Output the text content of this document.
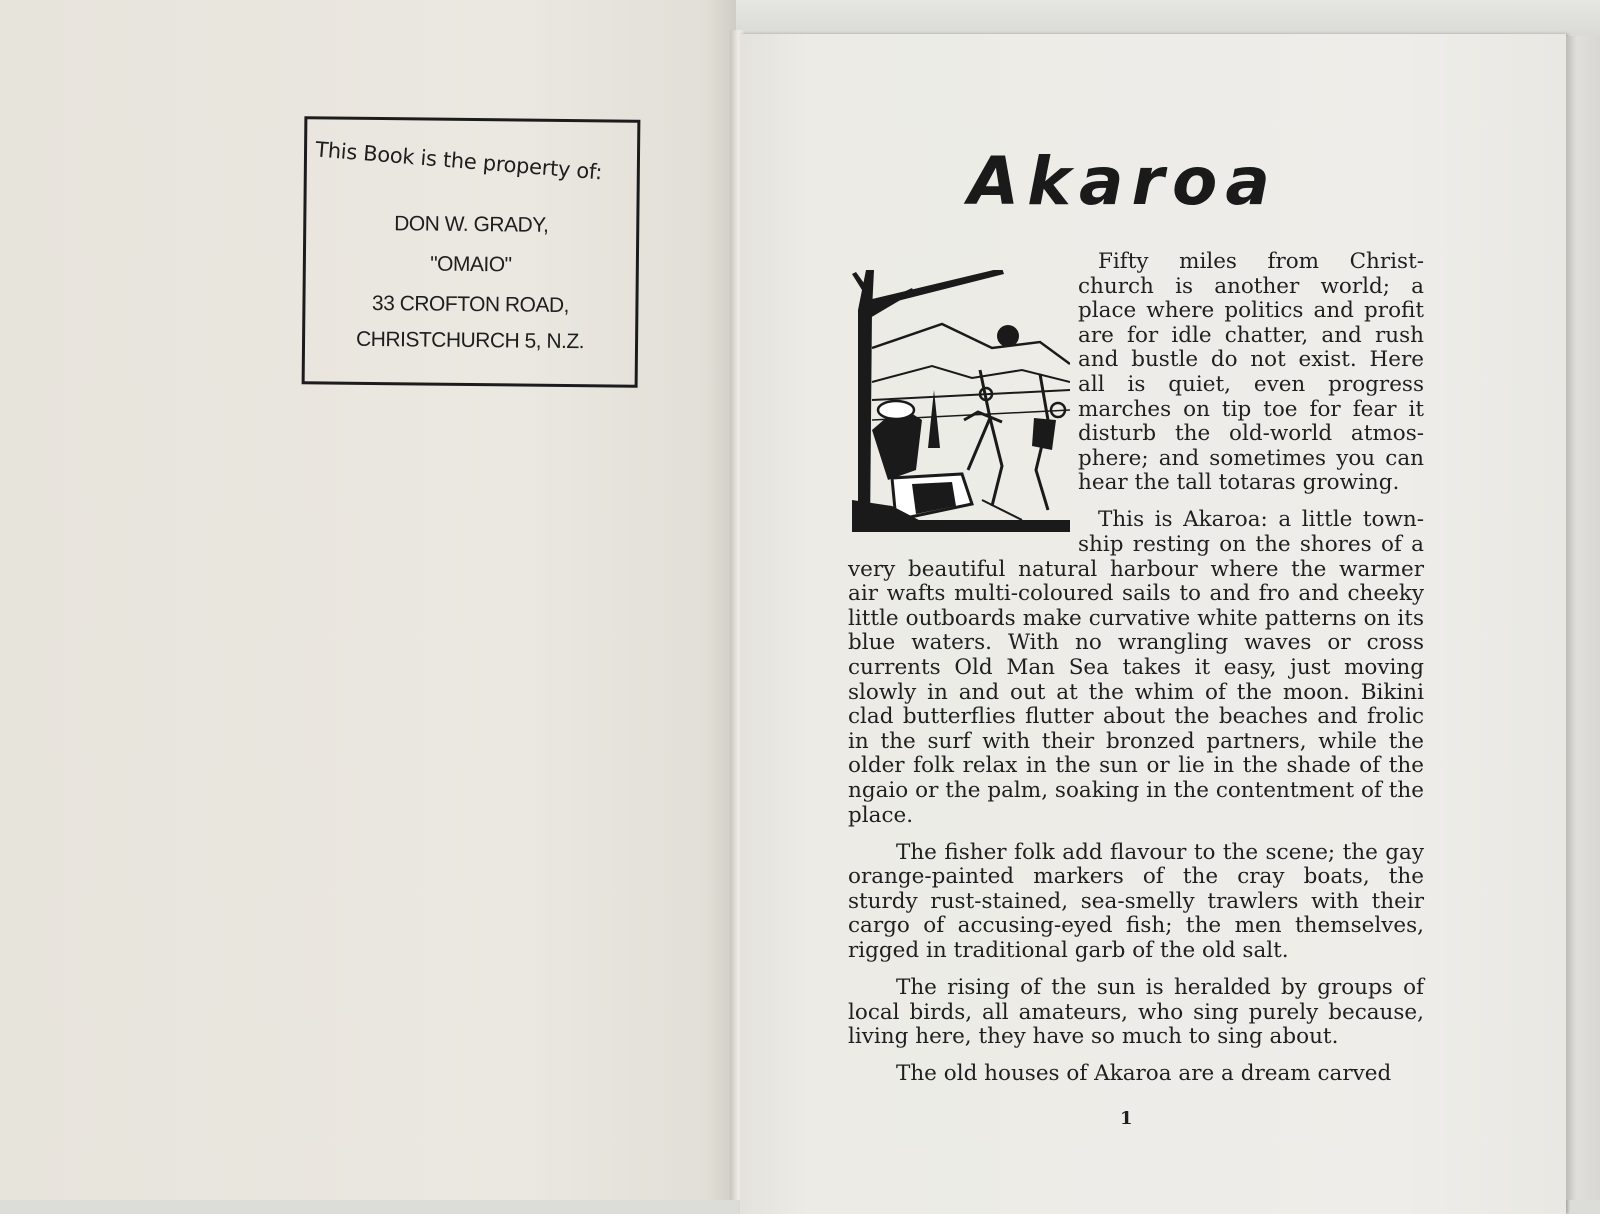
This Book is the property of:
DON W. GRADY,
"OMAIO"
33 CROFTON ROAD,
CHRISTCHURCH 5, N.Z.
Akaroa

Fifty miles from Christ-church is another world; a place where politics and profit are for idle chatter, and rush and bustle do not exist. Here all is quiet, even progress marches on tip toe for fear it disturb the old-world atmos-phere; and sometimes you can hear the tall totaras growing.

This is Akaroa: a little town-ship resting on the shores of a very beautiful natural harbour where the warmer air wafts multi-coloured sails to and fro and cheeky little outboards make curvative white patterns on its blue waters. With no wrangling waves or cross currents Old Man Sea takes it easy, just moving slowly in and out at the whim of the moon. Bikini clad butterflies flutter about the beaches and frolic in the surf with their bronzed partners, while the older folk relax in the sun or lie in the shade of the ngaio or the palm, soaking in the contentment of the place.

The fisher folk add flavour to the scene; the gay orange-painted markers of the cray boats, the sturdy rust-stained, sea-smelly trawlers with their cargo of accusing-eyed fish; the men themselves, rigged in traditional garb of the old salt.

The rising of the sun is heralded by groups of local birds, all amateurs, who sing purely because, living here, they have so much to sing about.

The old houses of Akaroa are a dream carved

1
